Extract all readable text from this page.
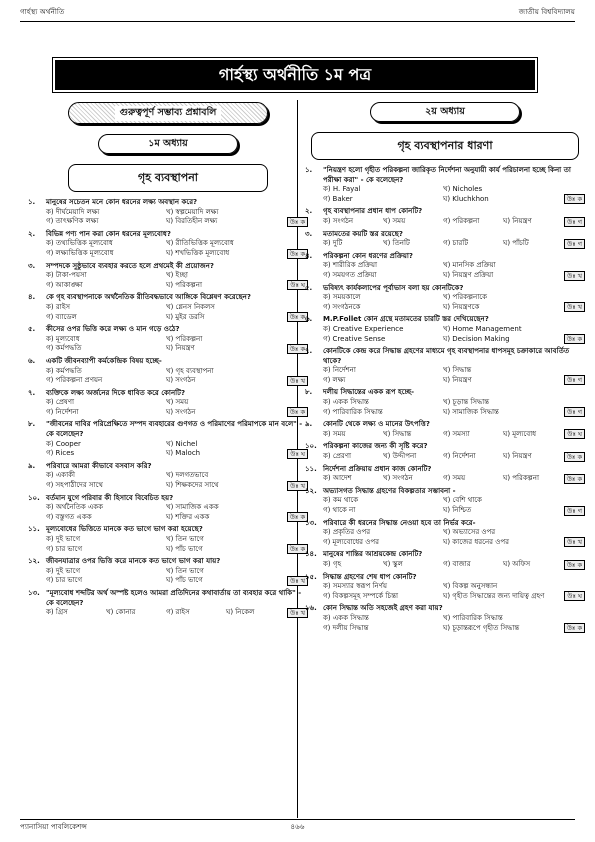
গার্হস্থ্য অর্থনীতি	জাতীয় বিশ্ববিদ্যালয়
গার্হস্থ্য অর্থনীতি ১ম পত্র
গুরুত্বপূর্ণ সম্ভাব্য প্রশ্নাবলি
১ম অধ্যায়
গৃহ ব্যবস্থাপনা
১.	মানুষের সচেতন মনে কোন ধরনের লক্ষ্য অবস্থান করে?
ক) দীর্ঘমেয়াদি লক্ষ্য	খ) স্বল্পমেয়াদি লক্ষ্য
গ) তাৎক্ষণিক লক্ষ্য	ঘ) বিরতিহীন লক্ষ্য	উঃ ক
২.	বিভিন্ন পণ্য পান করা কোন ধরনের মূল্যবোধ?
ক) তথ্যভিত্তিক মূল্যবোধ	খ) রীতিভিত্তিক মূল্যবোধ
গ) লক্ষ্যভিত্তিক মূল্যবোধ	ঘ) শখভিত্তিক মূল্যবোধ	উঃ ক
৩.	সম্পদকে সুষ্ঠুভাবে ব্যবহার করতে হলে প্রথমেই কী প্রয়োজন?
ক) টাকা-পয়সা	খ) ইচ্ছা
গ) আকাঙ্ক্ষা	ঘ) পরিকল্পনা	উঃ ঘ
৪.	কে গৃহ ব্যবস্থাপনাকে অর্থনৈতিক রীতিবদ্ধভাবে আঙ্গিকে বিশ্লেষণ করেছেন?
ক) রাইস	খ) গ্লেনস নিকলস
গ) ব্যাডেল	ঘ) মুইর ডরসি	উঃ ক
৫.	কীসের ওপর ভিত্তি করে লক্ষ্য ও মান গড়ে ওঠে?
ক) মূল্যবোধ	খ) পরিকল্পনা
গ) কর্মপদ্ধতি	ঘ) নিয়ন্ত্রণ	উঃ ক
৬.	একটি জীবনব্যাপী কর্মকেন্দ্রিক বিষয় হচ্ছে-
ক) কর্মপদ্ধতি	খ) গৃহ ব্যবস্থাপনা
গ) পরিকল্পনা প্রণয়ন	ঘ) সংগঠন	উঃ খ
৭.	ব্যক্তিকে লক্ষ্য অর্জনের দিকে ধাবিত করে কোনটি?
ক) প্রেষণা	খ) সময়
গ) নির্দেশনা	ঘ) সংগঠন	উঃ ক
৮.	"জীবনের দাবির পরিপ্রেক্ষিতে সম্পদ ব্যবহারের গুণগত ও পরিমাণের পরিমাপকে মান বলে" - কে বলেছেন?
ক) Cooper	খ) Nichel
গ) Rices	ঘ) Maloch	উঃ ঘ
৯.	পরিবারে আমরা কীভাবে বসবাস করি?
ক) একাকী	খ) দলগতভাবে
গ) সহপাঠীদের সাথে	ঘ) শিক্ষকদের সাথে	উঃ খ
১০. বর্তমান যুগে পরিবার কী হিসাবে বিবেচিত হয়?
ক) অর্থনৈতিক একক	খ) সামাজিক একক
গ) বস্তুগত একক	ঘ) শক্তির একক	উঃ ক
১১. মূল্যবোধের ভিত্তিতে মানকে কত ভাগে ভাগ করা হয়েছে?
ক) দুই ভাগে	খ) তিন ভাগে
গ) চার ভাগে	ঘ) পাঁচ ভাগে	উঃ ক
১২. জীবনযাত্রার ওপর ভিত্তি করে মানকে কত ভাগে ভাগ করা যায়?
ক) দুই ভাগে	খ) তিন ভাগে
গ) চার ভাগে	ঘ) পাঁচ ভাগে	উঃ খ
১৩. "মূল্যবোধ শব্দটির অর্থ অস্পষ্ট হলেও আমরা প্রতিদিনের কথাবার্তায় তা ব্যবহার করে থাকি" - কে বলেছেন?
ক) গ্রিস	খ) কোনার	গ) রাইস	ঘ) নিকেল	উঃ খ
২য় অধ্যায়
গৃহ ব্যবস্থাপনার ধারণা
১.	"নিয়ন্ত্রণ হলো গৃহীত পরিকল্পনা জারিকৃত নির্দেশনা অনুযায়ী কার্য পরিচালনা হচ্ছে কিনা তা পরীক্ষা করা" - কে বলেছেন?
ক) H. Fayal	খ) Nicholes
গ) Baker	ঘ) Kluchkhon	উঃ ক
২.	গৃহ ব্যবস্থাপনার প্রধান ধাপ কোনটি?
ক) সংগঠন	খ) সময়	গ) পরিকল্পনা	ঘ) নিয়ন্ত্রণ	উঃ গ
৩.	মতামতের কয়টি স্তর রয়েছে?
ক) দুটি	খ) তিনটি	গ) চারটি	ঘ) পাঁচটি	উঃ গ
৪.	পরিকল্পনা কোন ধরণের প্রক্রিয়া?
ক) শারীরিক প্রক্রিয়া	খ) মানসিক প্রক্রিয়া
গ) সময়গত প্রক্রিয়া	ঘ) নিয়ন্ত্রণ প্রক্রিয়া	উঃ খ
৫.	ভবিষ্যৎ কার্যকলাপের পূর্বাভাস বলা হয় কোনটিকে?
ক) সময়কালে	খ) পরিকল্পনাকে
গ) সংগঠনকে	ঘ) নিয়ন্ত্রণকে	উঃ খ
৬.	M.P.Follet কোন গ্রন্থে মতামতের চারটি স্তর দেখিয়েছেন?
ক) Creative Experience	খ) Home Management
গ) Creative Sense	ঘ) Decision Making	উঃ ক
৭.	কোনটিকে কেন্দ্র করে সিদ্ধান্ত গ্রহণের মাধ্যমে গৃহ ব্যবস্থাপনার ধাপসমূহ চক্রাকারে আবর্তিত থাকে?
ক) নির্দেশনা	খ) সিদ্ধান্ত
গ) লক্ষ্য	ঘ) নিয়ন্ত্রণ	উঃ গ
৮.	দলীয় সিদ্ধান্তের একক রূপ হচ্ছে-
ক) একক সিদ্ধান্ত	খ) চূড়ান্ত সিদ্ধান্ত
গ) পারিবারিক সিদ্ধান্ত	ঘ) সামাজিক সিদ্ধান্ত	উঃ গ
৯.	কোনটি থেকে লক্ষ্য ও মানের উৎপত্তি?
ক) সময়	খ) সিদ্ধান্ত	গ) সমস্যা	ঘ) মূল্যবোধ	উঃ ঘ
১০. পরিকল্পনা কাজের জন্য কী সৃষ্টি করে?
ক) প্রেরণা	খ) উদ্দীপনা	গ) নির্দেশনা	ঘ) নিয়ন্ত্রণ	উঃ ক
১১. নির্দেশনা প্রক্রিয়ায় প্রধান কাজ কোনটি?
ক) আদেশ	খ) সংগঠন	গ) সময়	ঘ) পরিকল্পনা	উঃ ক
১২. অভ্যাসগত সিদ্ধান্ত গ্রহণের বিকল্পতার সম্ভাবনা -
ক) কম থাকে	খ) বেশি থাকে
গ) থাকে না	ঘ) নিশ্চিত	উঃ গ
১৩. পরিবারে কী ধরনের সিদ্ধান্ত নেওয়া হবে তা নির্ভর করে-
ক) প্রকৃতির ওপর	খ) অভ্যাসের ওপর
গ) মূল্যবোধের ওপর	ঘ) কাজের ধরনের ওপর	উঃ খ
১৪. মানুষের শান্তির আশ্রয়কেন্দ্র কোনটি?
ক) গৃহ	খ) স্কুল	গ) বাজার	ঘ) অফিস	উঃ ক
১৫. সিদ্ধান্ত গ্রহণের শেষ ধাপ কোনটি?
ক) সমস্যার স্বরূপ নির্ণয়	খ) বিকল্প অনুসন্ধান
গ) বিকল্পসমূহ সম্পর্কে চিন্তা	ঘ) গৃহীত সিদ্ধান্তের জন্য দায়িত্ব গ্রহণ	উঃ ঘ
১৬. কোন সিদ্ধান্ত অতি সহজেই গ্রহণ করা যায়?
ক) একক সিদ্ধান্ত	খ) পারিবারিক সিদ্ধান্ত
গ) দলীয় সিদ্ধান্ত	ঘ) চূড়ান্তরূপে গৃহীত সিদ্ধান্ত	উঃ ক
প্যানাসিয়া পাবলিকেশন্স	৪৬৬
